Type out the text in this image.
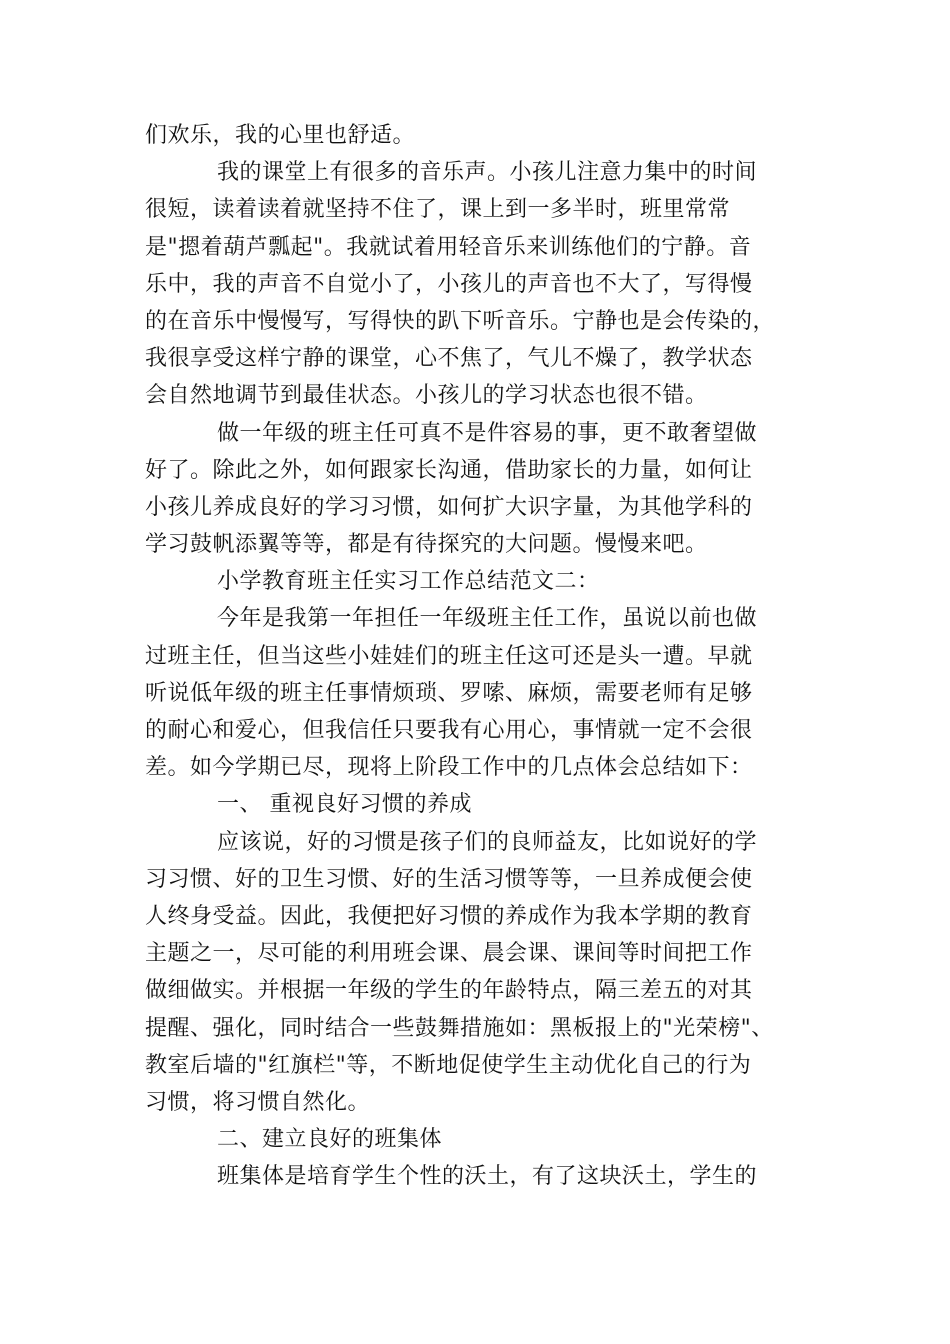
们欢乐，我的心里也舒适。
我的课堂上有很多的音乐声。小孩儿注意力集中的时间
很短，读着读着就坚持不住了，课上到一多半时，班里常常
是"摁着葫芦瓢起"。我就试着用轻音乐来训练他们的宁静。音
乐中，我的声音不自觉小了，小孩儿的声音也不大了，写得慢
的在音乐中慢慢写，写得快的趴下听音乐。宁静也是会传染的，
我很享受这样宁静的课堂，心不焦了，气儿不燥了，教学状态
会自然地调节到最佳状态。小孩儿的学习状态也很不错。
做一年级的班主任可真不是件容易的事，更不敢奢望做
好了。除此之外，如何跟家长沟通，借助家长的力量，如何让
小孩儿养成良好的学习习惯，如何扩大识字量，为其他学科的
学习鼓帆添翼等等，都是有待探究的大问题。慢慢来吧。
小学教育班主任实习工作总结范文二：
今年是我第一年担任一年级班主任工作，虽说以前也做
过班主任，但当这些小娃娃们的班主任这可还是头一遭。早就
听说低年级的班主任事情烦琐、罗嗦、麻烦，需要老师有足够
的耐心和爱心，但我信任只要我有心用心，事情就一定不会很
差。如今学期已尽，现将上阶段工作中的几点体会总结如下：
一、 重视良好习惯的养成
应该说，好的习惯是孩子们的良师益友，比如说好的学
习习惯、好的卫生习惯、好的生活习惯等等，一旦养成便会使
人终身受益。因此，我便把好习惯的养成作为我本学期的教育
主题之一，尽可能的利用班会课、晨会课、课间等时间把工作
做细做实。并根据一年级的学生的年龄特点，隔三差五的对其
提醒、强化，同时结合一些鼓舞措施如：黑板报上的"光荣榜"、
教室后墙的"红旗栏"等，不断地促使学生主动优化自己的行为
习惯，将习惯自然化。
二、建立良好的班集体
班集体是培育学生个性的沃土，有了这块沃土，学生的
